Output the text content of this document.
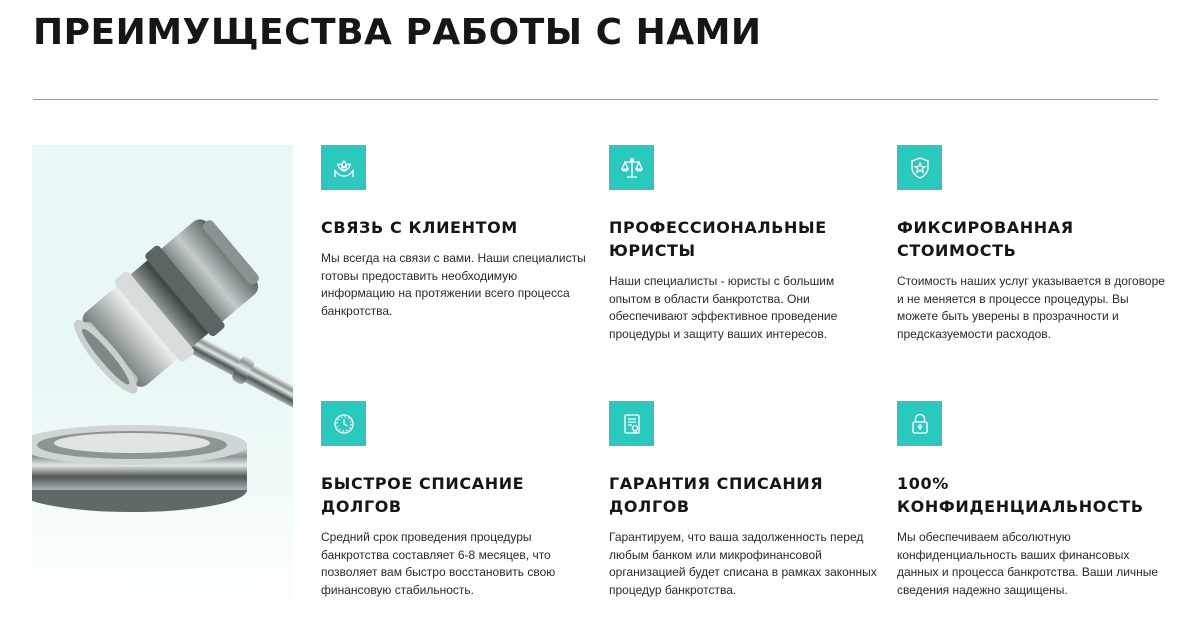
ПРЕИМУЩЕСТВА РАБОТЫ С НАМИ
СВЯЗЬ С КЛИЕНТОМ
Мы всегда на связи с вами. Наши специалисты готовы предоставить необходимую информацию на протяжении всего процесса банкротства.
ПРОФЕССИОНАЛЬНЫЕ ЮРИСТЫ
Наши специалисты - юристы с большим опытом в области банкротства. Они обеспечивают эффективное проведение процедуры и защиту ваших интересов.
ФИКСИРОВАННАЯ СТОИМОСТЬ
Стоимость наших услуг указывается в договоре и не меняется в процессе процедуры. Вы можете быть уверены в прозрачности и предсказуемости расходов.
БЫСТРОЕ СПИСАНИЕ ДОЛГОВ
Средний срок проведения процедуры банкротства составляет 6-8 месяцев, что позволяет вам быстро восстановить свою финансовую стабильность.
ГАРАНТИЯ СПИСАНИЯ ДОЛГОВ
Гарантируем, что ваша задолженность перед любым банком или микрофинансовой организацией будет списана в рамках законных процедур банкротства.
100% КОНФИДЕНЦИАЛЬНОСТЬ
Мы обеспечиваем абсолютную конфиденциальность ваших финансовых данных и процесса банкротства. Ваши личные сведения надежно защищены.
